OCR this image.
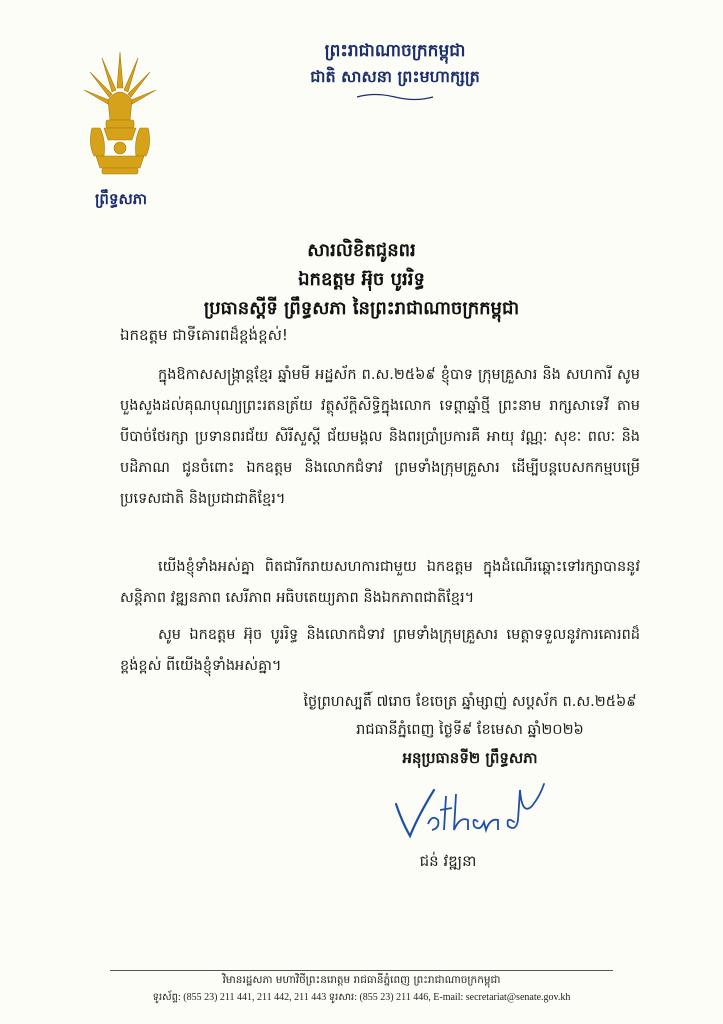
ព្រឹទ្ធសភា
ព្រះរាជាណាចក្រកម្ពុជា
ជាតិ សាសនា ព្រះមហាក្សត្រ
សារលិខិតជូនពរ
ឯកឧត្តម អ៊ុច បូររិទ្ធ
ប្រធានស្តីទី ព្រឹទ្ធសភា នៃព្រះរាជាណាចក្រកម្ពុជា
ឯកឧត្តម ជាទីគោរពដ៏ខ្ពង់ខ្ពស់!
ក្នុងឱកាសសង្ក្រាន្តខ្មែរ ឆ្នាំមមី អដ្ឋស័ក ព.ស.២៥៦៩ ខ្ញុំបាទ ក្រុមគ្រួសារ និង សហការី សូមបួងសួងដល់គុណបុណ្យព្រះរតនត្រ័យ វត្ថុស័ក្តិសិទ្ធិក្នុងលោក ទេព្តាឆ្នាំថ្មី ព្រះនាម រាក្សសាទេវី តាមបីបាច់ថែរក្សា ប្រទានពរជ័យ សិរីសួស្តី ជ័យមង្គល និងពរប្រាំប្រការគឺ អាយុ វណ្ណៈ សុខៈ ពលៈ និងបដិភាណ ជូនចំពោះ ឯកឧត្តម និងលោកជំទាវ ព្រមទាំងក្រុមគ្រួសារ ដើម្បីបន្តបេសកកម្មបម្រើប្រទេសជាតិ និងប្រជាជាតិខ្មែរ។
យើងខ្ញុំទាំងអស់គ្នា ពិតជារីករាយសហការជាមួយ ឯកឧត្តម ក្នុងដំណើរឆ្ពោះទៅរក្សាបាននូវសន្តិភាព វឌ្ឍនភាព សេរីភាព អធិបតេយ្យភាព និងឯកភាពជាតិខ្មែរ។
សូម ឯកឧត្តម អ៊ុច បូររិទ្ធ និងលោកជំទាវ ព្រមទាំងក្រុមគ្រួសារ មេត្តាទទួលនូវការគោរពដ៏ខ្ពង់ខ្ពស់ ពីយើងខ្ញុំទាំងអស់គ្នា។
ថ្ងៃព្រហស្បតិ៍ ៧រោច ខែចេត្រ ឆ្នាំម្សាញ់ សប្តស័ក ព.ស.២៥៦៩
រាជធានីភ្នំពេញ ថ្ងៃទី៩ ខែមេសា ឆ្នាំ២០២៦
អនុប្រធានទី២ ព្រឹទ្ធសភា
ជន់ វឌ្ឍនា
វិមានរដ្ឋសភា មហាវិថីព្រះនរោត្តម រាជធានីភ្នំពេញ ព្រះរាជាណាចក្រកម្ពុជា
ទូរស័ព្ទ: (855 23) 211 441, 211 442, 211 443 ទូរសារ: (855 23) 211 446, E-mail: secretariat@senate.gov.kh
